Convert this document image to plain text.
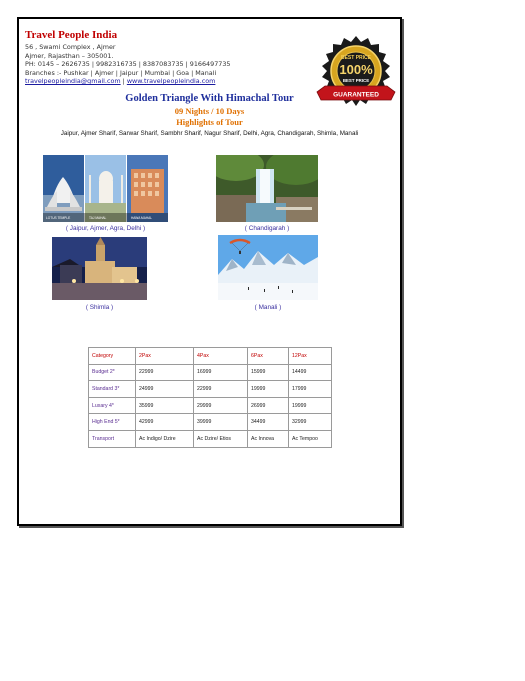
Travel People India
56 , Swami Complex , Ajmer
Ajmer, Rajasthan – 305001.
PH: 0145 – 2626735 | 9982316735 | 8387083735 | 9166497735
Branches :- Pushkar | Ajmer | Jaipur | Mumbai | Goa | Manali
travelpeopleindia@gmail.com | www.travelpeopleindia.com
BEST PRICE
100%
BEST PRICE
GUARANTEED
Golden Triangle With Himachal Tour
09 Nights / 10 Days
Highlights of Tour
Jaipur, Ajmer Sharif, Sarwar Sharif, Sambhr Sharif, Nagur Sharif, Delhi, Agra, Chandigarah, Shimla, Manali
LOTUS TEMPLE	TAJ MAHAL	HAWA MAHAL
( Jaipur, Ajmer, Agra, Delhi )	( Chandigarah )
( Shimla )	( Manali )
Category	2Pax	4Pax	6Pax	12Pax
Budget 2*	22999	16999	15999	14499
Standard 3*	24999	22999	19999	17999
Luxary 4*	35999	29999	26999	19999
High End 5*	42999	39999	34499	32999
Transport	Ac Indigo/ Dzire	Ac Dzire/ Etios	Ac Innova	Ac Tempoo
